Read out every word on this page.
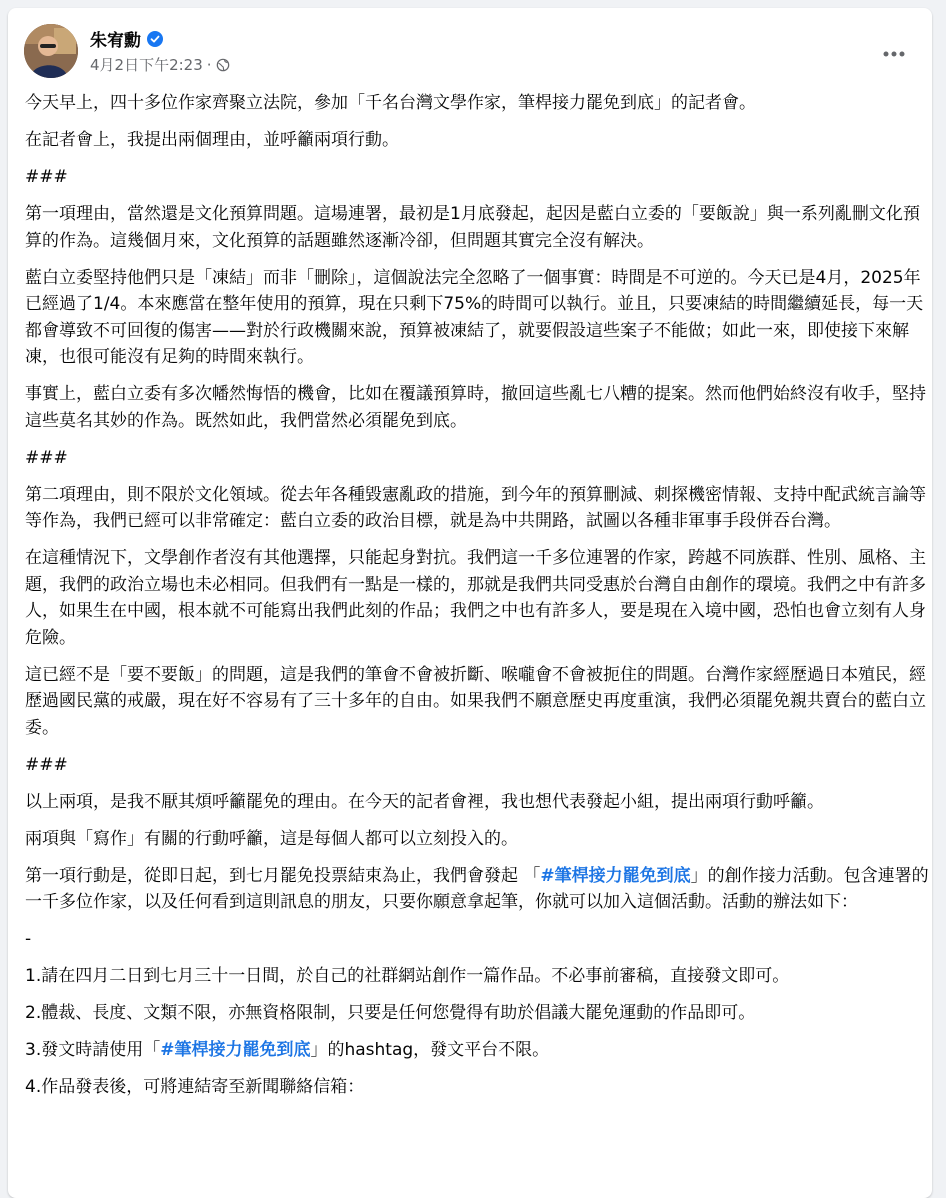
朱宥勳
4月2日下午2:23 ·

今天早上，四十多位作家齊聚立法院，參加「千名台灣文學作家，筆桿接力罷免到底」的記者會。

在記者會上，我提出兩個理由，並呼籲兩項行動。

###

第一項理由，當然還是文化預算問題。這場連署，最初是1月底發起，起因是藍白立委的「要飯說」與一系列亂刪文化預算的作為。這幾個月來，文化預算的話題雖然逐漸冷卻，但問題其實完全沒有解決。

藍白立委堅持他們只是「凍結」而非「刪除」，這個說法完全忽略了一個事實：時間是不可逆的。今天已是4月，2025年已經過了1/4。本來應當在整年使用的預算，現在只剩下75%的時間可以執行。並且，只要凍結的時間繼續延長，每一天都會導致不可回復的傷害——對於行政機關來說，預算被凍結了，就要假設這些案子不能做；如此一來，即使接下來解凍，也很可能沒有足夠的時間來執行。

事實上，藍白立委有多次幡然悔悟的機會，比如在覆議預算時，撤回這些亂七八糟的提案。然而他們始終沒有收手，堅持這些莫名其妙的作為。既然如此，我們當然必須罷免到底。

###

第二項理由，則不限於文化領域。從去年各種毀憲亂政的措施，到今年的預算刪減、刺探機密情報、支持中配武統言論等等作為，我們已經可以非常確定：藍白立委的政治目標，就是為中共開路，試圖以各種非軍事手段併吞台灣。

在這種情況下，文學創作者沒有其他選擇，只能起身對抗。我們這一千多位連署的作家，跨越不同族群、性別、風格、主題，我們的政治立場也未必相同。但我們有一點是一樣的，那就是我們共同受惠於台灣自由創作的環境。我們之中有許多人，如果生在中國，根本就不可能寫出我們此刻的作品；我們之中也有許多人，要是現在入境中國，恐怕也會立刻有人身危險。

這已經不是「要不要飯」的問題，這是我們的筆會不會被折斷、喉嚨會不會被扼住的問題。台灣作家經歷過日本殖民，經歷過國民黨的戒嚴，現在好不容易有了三十多年的自由。如果我們不願意歷史再度重演，我們必須罷免親共賣台的藍白立委。

###

以上兩項，是我不厭其煩呼籲罷免的理由。在今天的記者會裡，我也想代表發起小組，提出兩項行動呼籲。

兩項與「寫作」有關的行動呼籲，這是每個人都可以立刻投入的。

第一項行動是，從即日起，到七月罷免投票結束為止，我們會發起 「#筆桿接力罷免到底」的創作接力活動。包含連署的一千多位作家，以及任何看到這則訊息的朋友，只要你願意拿起筆，你就可以加入這個活動。活動的辦法如下：

-

1.請在四月二日到七月三十一日間，於自己的社群網站創作一篇作品。不必事前審稿，直接發文即可。

2.體裁、長度、文類不限，亦無資格限制，只要是任何您覺得有助於倡議大罷免運動的作品即可。

3.發文時請使用「#筆桿接力罷免到底」的hashtag，發文平台不限。

4.作品發表後，可將連結寄至新聞聯絡信箱：
